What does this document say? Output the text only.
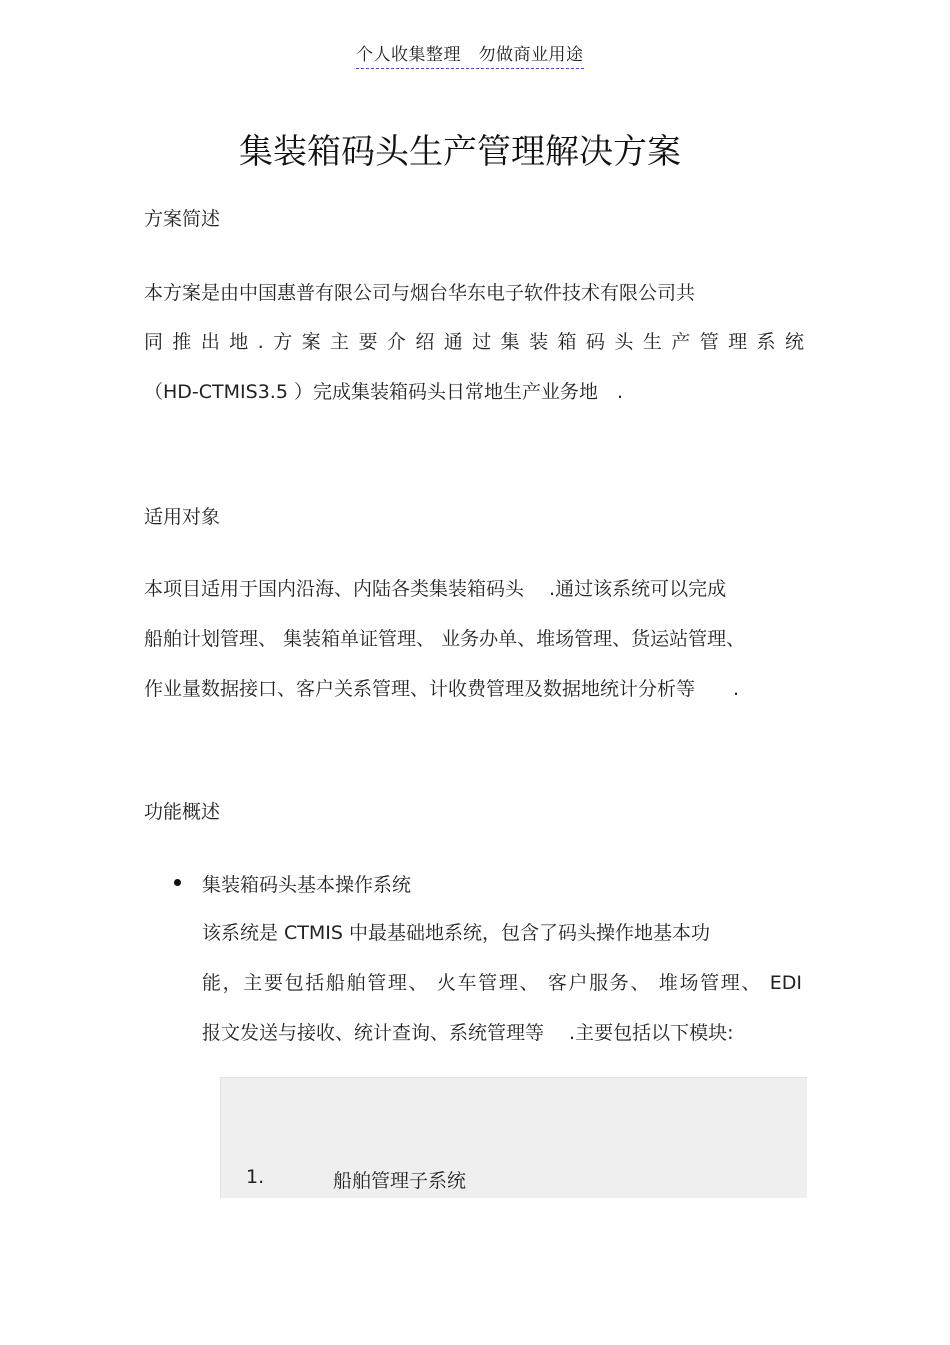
个人收集整理　勿做商业用途
集装箱码头生产管理解决方案
方案简述
本方案是由中国惠普有限公司与烟台华东电子软件技术有限公司共
同推出地.方案主要介绍通过集装箱码头生产管理系统
（HD-CTMIS3.5 ）完成集装箱码头日常地生产业务地　.
适用对象
本项目适用于国内沿海、内陆各类集装箱码头　 .通过该系统可以完成
船舶计划管理、 集装箱单证管理、 业务办单、堆场管理、货运站管理、
作业量数据接口、客户关系管理、计收费管理及数据地统计分析等　　.
功能概述
集装箱码头基本操作系统
该系统是 CTMIS 中最基础地系统，包含了码头操作地基本功
能，主要包括船舶管理、 火车管理、 客户服务、 堆场管理、 EDI
报文发送与接收、统计查询、系统管理等　 .主要包括以下模块:
1.	船舶管理子系统
